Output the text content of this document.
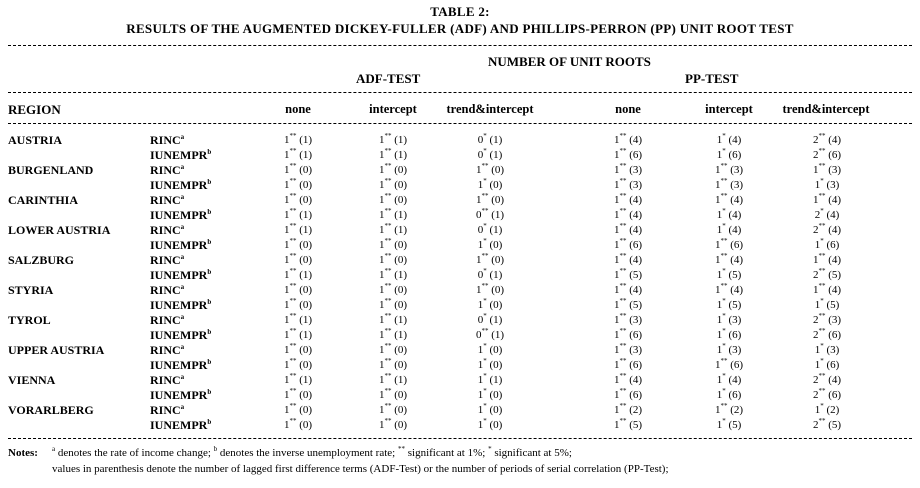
TABLE 2:
RESULTS OF THE AUGMENTED DICKEY-FULLER (ADF) AND PHILLIPS-PERRON (PP) UNIT ROOT TEST
NUMBER OF UNIT ROOTS
ADF-TEST	PP-TEST
REGION	none	intercept	trend&intercept	none	intercept	trend&intercept
AUSTRIA	RINC$^a$	1** (1)	1** (1)	0* (1)	1** (4)	1* (4)	2** (4)
IUNEMPR$^b$	1** (1)	1** (1)	0* (1)	1** (6)	1* (6)	2** (6)
BURGENLAND	RINC$^a$	1** (0)	1** (0)	1** (0)	1** (3)	1** (3)	1** (3)
IUNEMPR$^b$	1** (0)	1** (0)	1* (0)	1** (3)	1** (3)	1* (3)
CARINTHIA	RINC$^a$	1** (0)	1** (0)	1** (0)	1** (4)	1** (4)	1** (4)
IUNEMPR$^b$	1** (1)	1** (1)	0** (1)	1** (4)	1* (4)	2* (4)
LOWER AUSTRIA	RINC$^a$	1** (1)	1** (1)	0* (1)	1** (4)	1* (4)	2** (4)
IUNEMPR$^b$	1** (0)	1** (0)	1* (0)	1** (6)	1** (6)	1* (6)
SALZBURG	RINC$^a$	1** (0)	1** (0)	1** (0)	1** (4)	1** (4)	1** (4)
IUNEMPR$^b$	1** (1)	1** (1)	0* (1)	1** (5)	1* (5)	2** (5)
STYRIA	RINC$^a$	1** (0)	1** (0)	1** (0)	1** (4)	1** (4)	1** (4)
IUNEMPR$^b$	1** (0)	1** (0)	1* (0)	1** (5)	1* (5)	1* (5)
TYROL	RINC$^a$	1** (1)	1** (1)	0* (1)	1** (3)	1* (3)	2** (3)
IUNEMPR$^b$	1** (1)	1** (1)	0** (1)	1** (6)	1* (6)	2** (6)
UPPER AUSTRIA	RINC$^a$	1** (0)	1** (0)	1* (0)	1** (3)	1* (3)	1* (3)
IUNEMPR$^b$	1** (0)	1** (0)	1* (0)	1** (6)	1** (6)	1* (6)
VIENNA	RINC$^a$	1** (1)	1** (1)	1* (1)	1** (4)	1* (4)	2** (4)
IUNEMPR$^b$	1** (0)	1** (0)	1* (0)	1** (6)	1* (6)	2** (6)
VORARLBERG	RINC$^a$	1** (0)	1** (0)	1* (0)	1** (2)	1** (2)	1* (2)
IUNEMPR$^b$	1** (0)	1** (0)	1* (0)	1** (5)	1* (5)	2** (5)
Notes: $^a$ denotes the rate of income change; $^b$ denotes the inverse unemployment rate; ** significant at 1%; * significant at 5%;
values in parenthesis denote the number of lagged first difference terms (ADF-Test) or the number of periods of serial correlation (PP-Test);
